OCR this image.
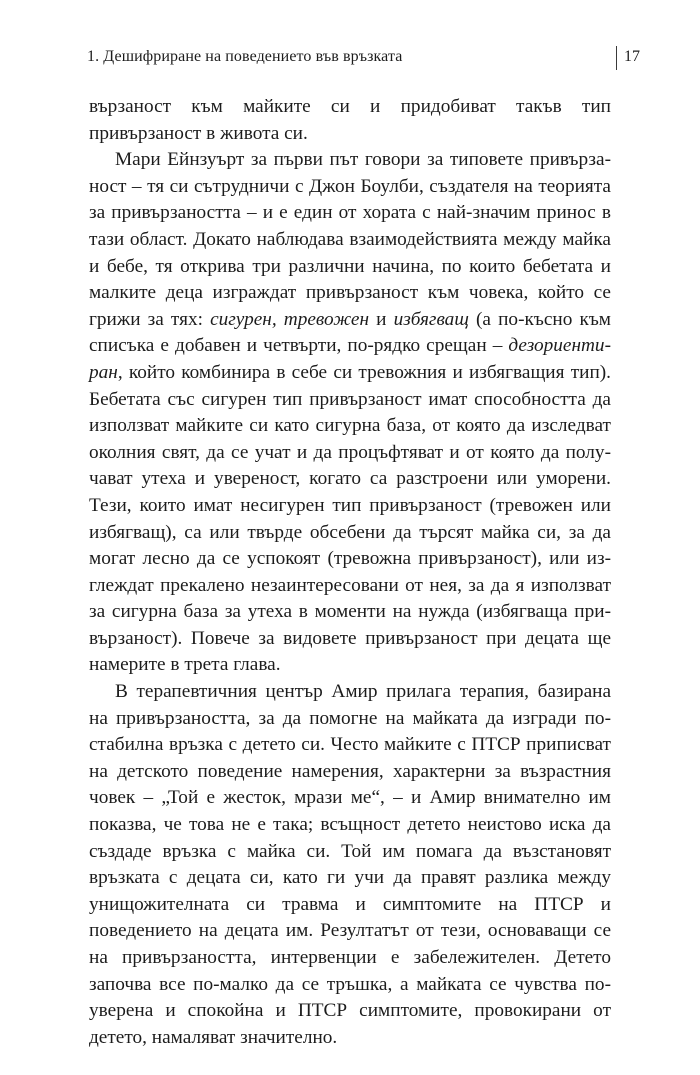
1. Дешифриране на поведението във връзката	17

вързаност към майките си и придобиват такъв тип привързаност в живота си.

Мари Ейнзуърт за първи път говори за типовете привързаност – тя си сътрудничи с Джон Боулби, създателя на теорията за привързаността – и е един от хората с най-значим принос в тази област. Докато наблюдава взаимодействията между майка и бебе, тя открива три различни начина, по които бебетата и малките деца изграждат привързаност към човека, който се грижи за тях: сигурен, тревожен и избягващ (а по-късно към списъка е добавен и четвърти, по-рядко срещан – дезориентиран, който комбинира в себе си тревожния и избягващия тип). Бебетата със сигурен тип привързаност имат способността да използват майките си като сигурна база, от която да изследват околния свят, да се учат и да процъфтяват и от която да получават утеха и увереност, когато са разстроени или уморени. Тези, които имат несигурен тип привързаност (тревожен или избягващ), са или твърде обсебени да търсят майка си, за да могат лесно да се успокоят (тревожна привързаност), или изглеждат прекалено незаинтересовани от нея, за да я използват за сигурна база за утеха в моменти на нужда (избягваща привързаност). Повече за видовете привързаност при децата ще намерите в трета глава.

В терапевтичния център Амир прилага терапия, базирана на привързаността, за да помогне на майката да изгради по-стабилна връзка с детето си. Често майките с ПТСР приписват на детското поведение намерения, характерни за възрастния човек – „Той е жесток, мрази ме“, – и Амир внимателно им показва, че това не е така; всъщност детето неистово иска да създаде връзка с майка си. Той им помага да възстановят връзката с децата си, като ги учи да правят разлика между унищожителната си травма и симптомите на ПТСР и поведението на децата им. Резултатът от тези, основаващи се на привързаността, интервенции е забележителен. Детето започва все по-малко да се тръшка, а майката се чувства по-уверена и спокойна и ПТСР симптомите, провокирани от детето, намаляват значително.
